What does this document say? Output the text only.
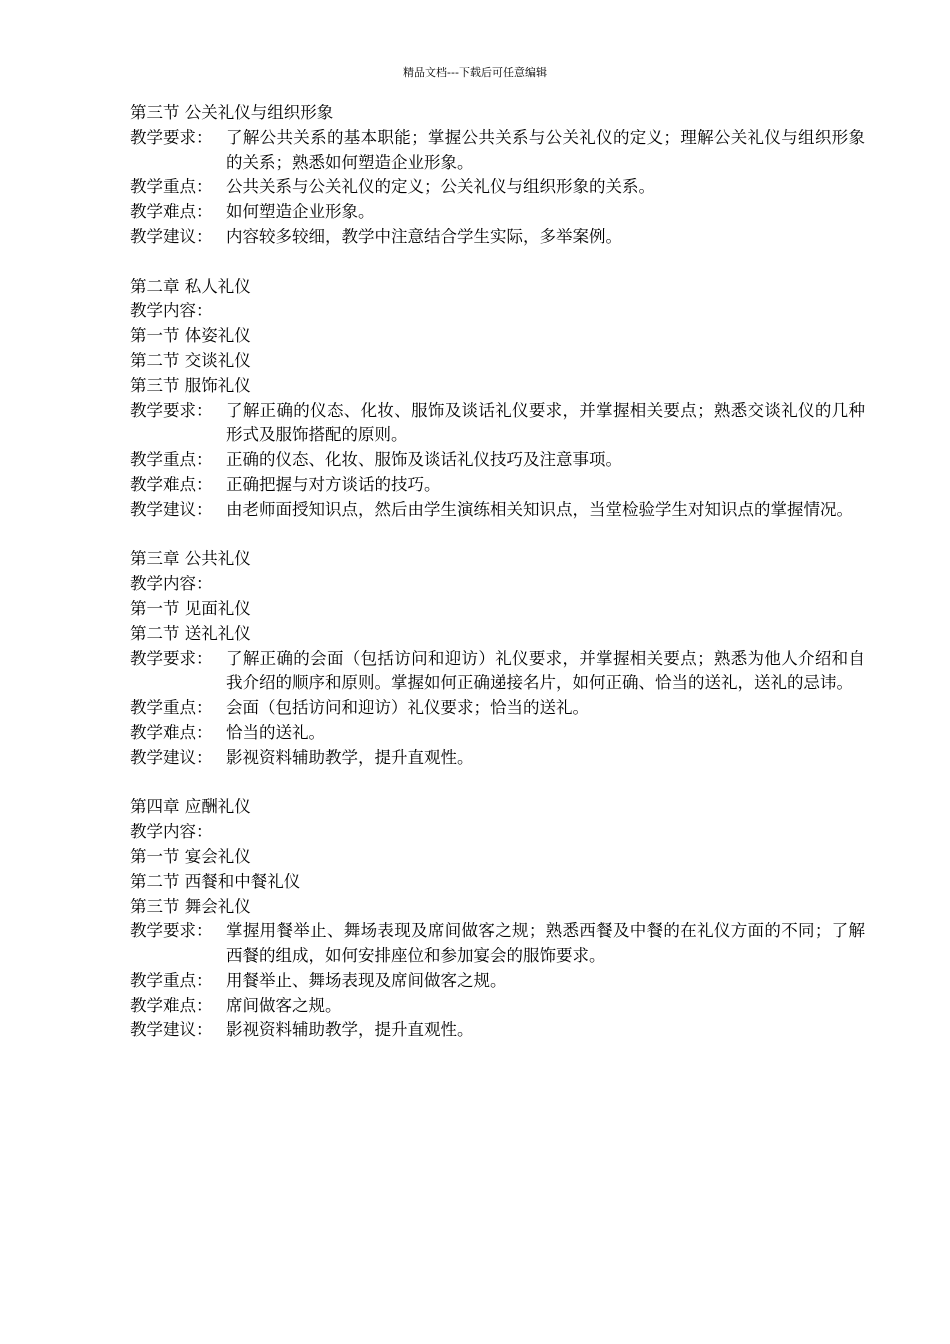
精品文档---下载后可任意编辑
第三节 公关礼仪与组织形象
教学要求： 了解公共关系的基本职能；掌握公共关系与公关礼仪的定义；理解公关礼仪与组织形象的关系；熟悉如何塑造企业形象。
教学重点： 公共关系与公关礼仪的定义；公关礼仪与组织形象的关系。
教学难点： 如何塑造企业形象。
教学建议： 内容较多较细，教学中注意结合学生实际，多举案例。
第二章 私人礼仪
教学内容：
第一节 体姿礼仪
第二节 交谈礼仪
第三节 服饰礼仪
教学要求： 了解正确的仪态、化妆、服饰及谈话礼仪要求，并掌握相关要点；熟悉交谈礼仪的几种形式及服饰搭配的原则。
教学重点： 正确的仪态、化妆、服饰及谈话礼仪技巧及注意事项。
教学难点： 正确把握与对方谈话的技巧。
教学建议： 由老师面授知识点，然后由学生演练相关知识点，当堂检验学生对知识点的掌握情况。
第三章 公共礼仪
教学内容：
第一节 见面礼仪
第二节 送礼礼仪
教学要求： 了解正确的会面（包括访问和迎访）礼仪要求，并掌握相关要点；熟悉为他人介绍和自我介绍的顺序和原则。掌握如何正确递接名片，如何正确、恰当的送礼，送礼的忌讳。
教学重点： 会面（包括访问和迎访）礼仪要求；恰当的送礼。
教学难点： 恰当的送礼。
教学建议： 影视资料辅助教学，提升直观性。
第四章 应酬礼仪
教学内容：
第一节 宴会礼仪
第二节 西餐和中餐礼仪
第三节 舞会礼仪
教学要求： 掌握用餐举止、舞场表现及席间做客之规；熟悉西餐及中餐的在礼仪方面的不同；了解西餐的组成，如何安排座位和参加宴会的服饰要求。
教学重点： 用餐举止、舞场表现及席间做客之规。
教学难点： 席间做客之规。
教学建议： 影视资料辅助教学，提升直观性。
